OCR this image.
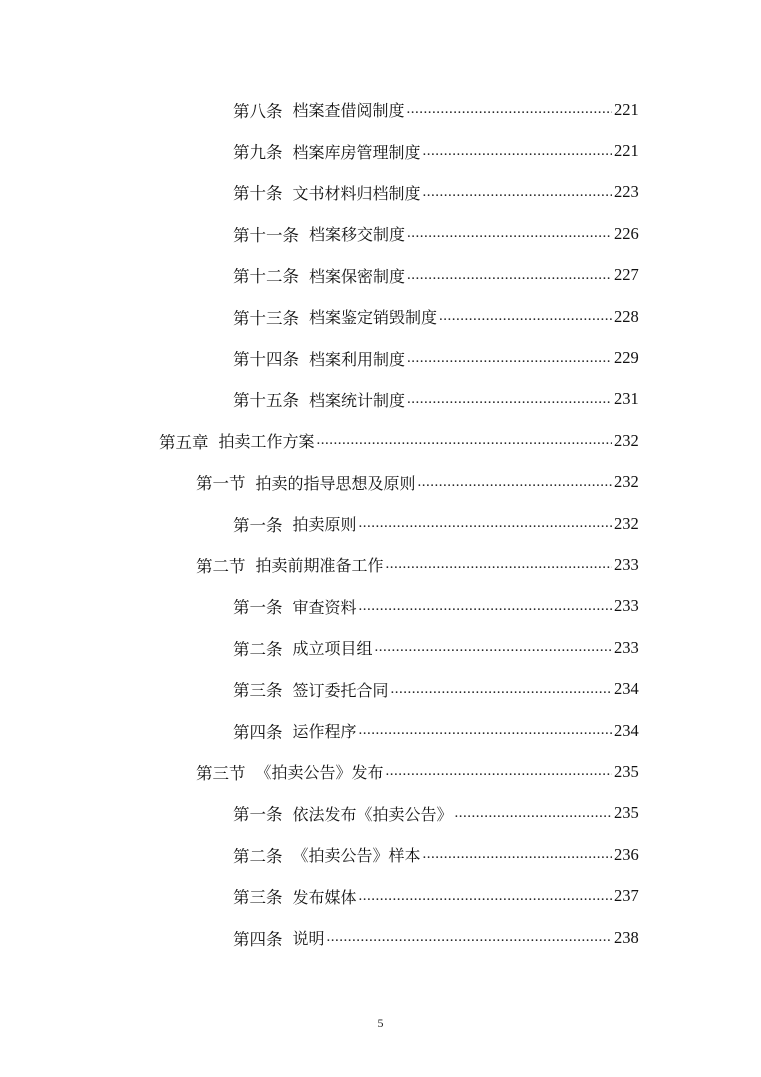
第八条 档案查借阅制度 .....	221
第九条 档案库房管理制度 .....	221
第十条 文书材料归档制度 .....	223
第十一条 档案移交制度 .....	226
第十二条 档案保密制度 .....	227
第十三条 档案鉴定销毁制度 .....	228
第十四条 档案利用制度 .....	229
第十五条 档案统计制度 .....	231
第五章 拍卖工作方案 .....	232
第一节 拍卖的指导思想及原则 .....	232
第一条 拍卖原则 .....	232
第二节 拍卖前期准备工作 .....	233
第一条 审查资料 .....	233
第二条 成立项目组 .....	233
第三条 签订委托合同 .....	234
第四条 运作程序 .....	234
第三节 《拍卖公告》发布 .....	235
第一条 依法发布《拍卖公告》 .....	235
第二条 《拍卖公告》样本 .....	236
第三条 发布媒体 .....	237
第四条 说明 .....	238
5
